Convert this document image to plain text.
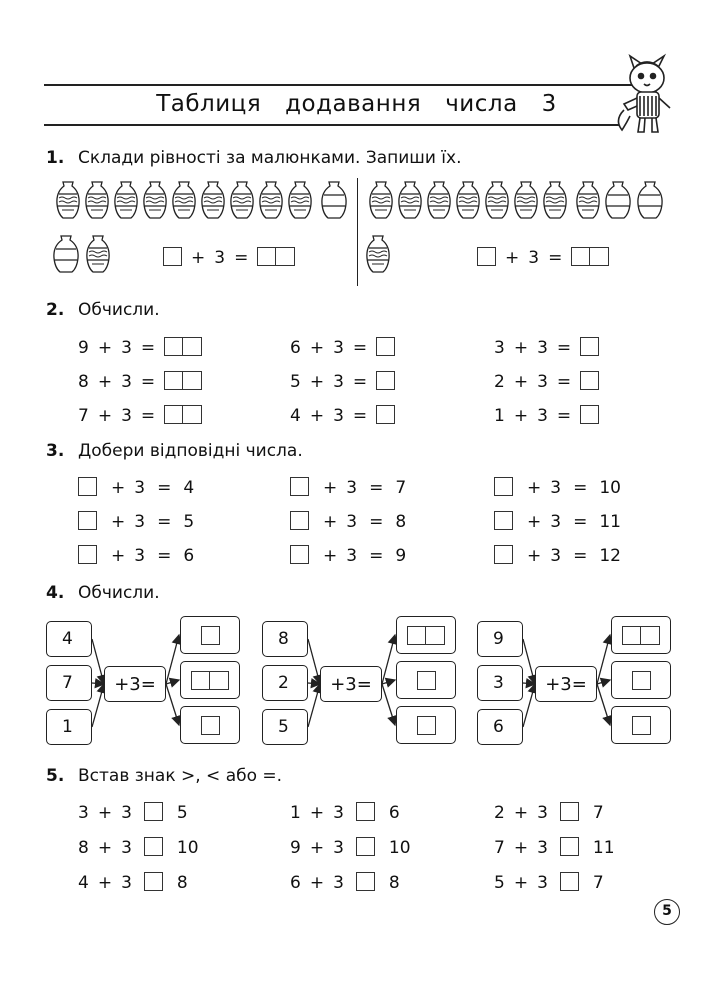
Таблиця додавання числа 3
1. Склади рівності за малюнками. Запиши їх.
+ 3 =	+ 3 =
2. Обчисли.
9 + 3 =	6 + 3 =	3 + 3 =
8 + 3 =	5 + 3 =	2 + 3 =
7 + 3 =	4 + 3 =	1 + 3 =
3. Добери відповідні числа.
+ 3 = 4	+ 3 = 7	+ 3 = 10
+ 3 = 5	+ 3 = 8	+ 3 = 11
+ 3 = 6	+ 3 = 9	+ 3 = 12
4. Обчисли.
4
7
1
+3=
8
2
5
+3=
9
3
6
+3=
5. Встав знак >, < або =.
3 + 3	5	1 + 3	6	2 + 3	7
8 + 3	10	9 + 3	10	7 + 3	11
4 + 3	8	6 + 3	8	5 + 3	7
5
